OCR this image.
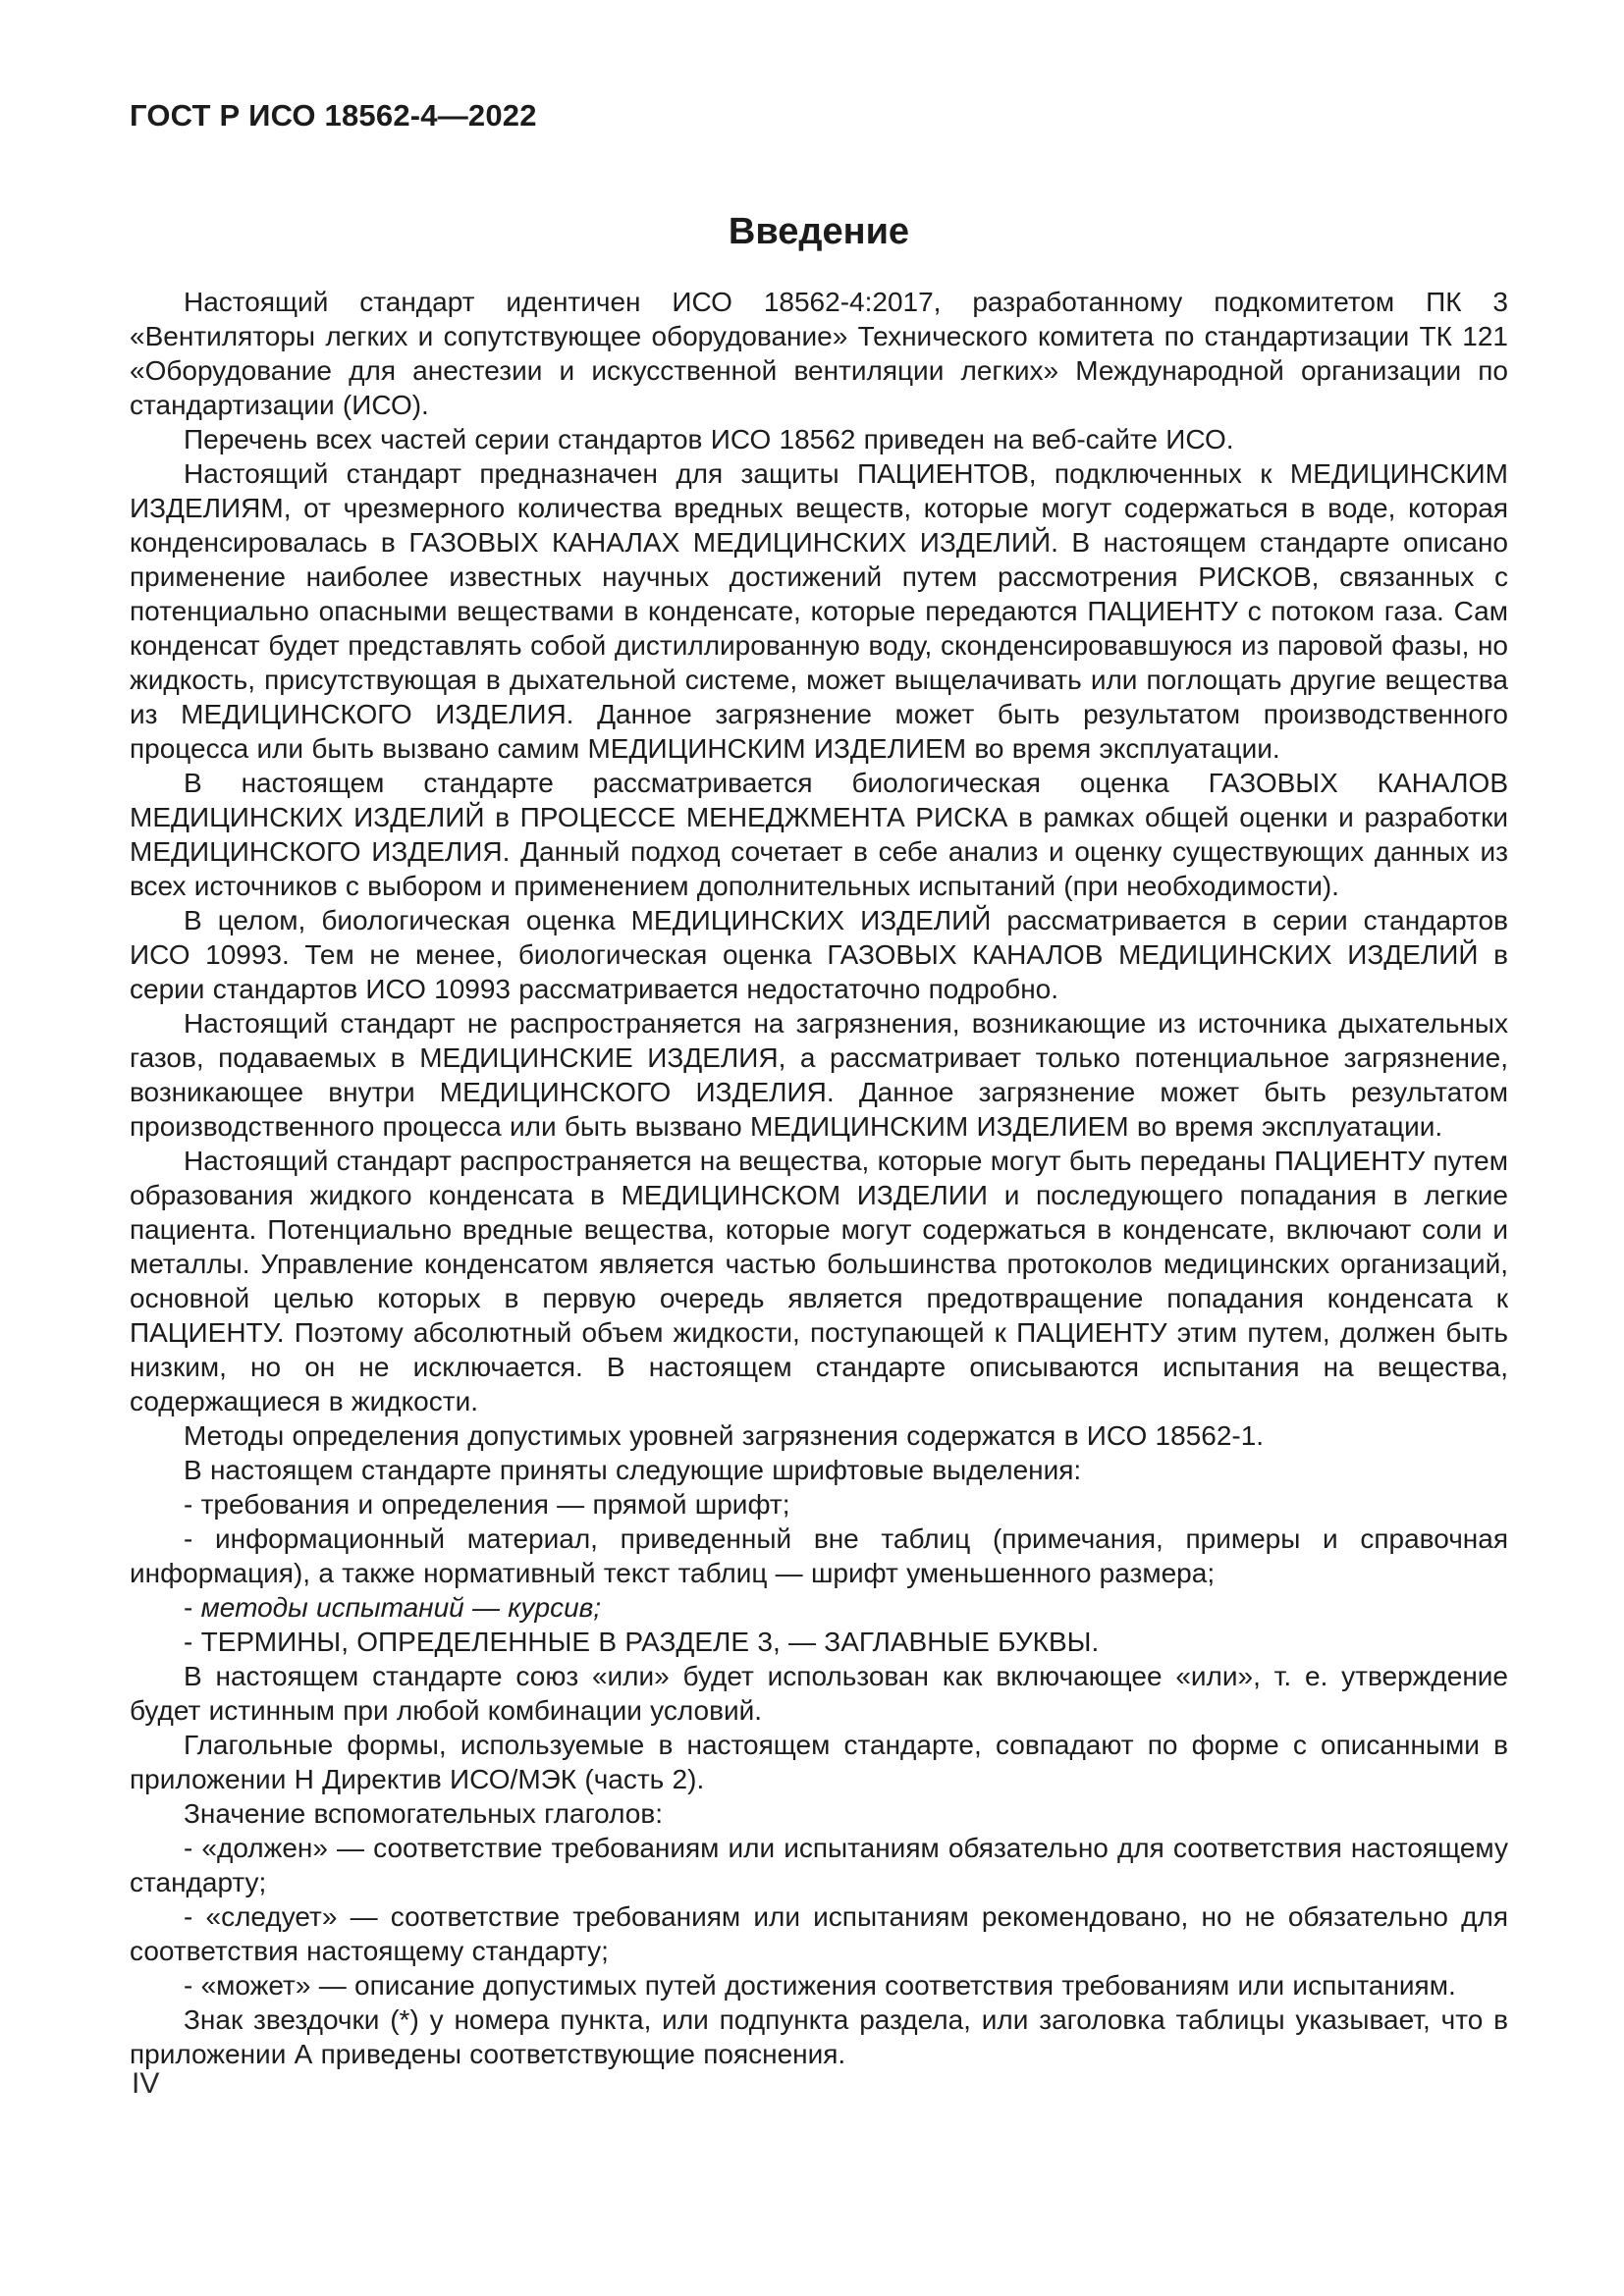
ГОСТ Р ИСО 18562-4—2022
Введение

Настоящий стандарт идентичен ИСО 18562-4:2017, разработанному подкомитетом ПК 3 «Вентиляторы легких и сопутствующее оборудование» Технического комитета по стандартизации ТК 121 «Оборудование для анестезии и искусственной вентиляции легких» Международной организации по стандартизации (ИСО).

Перечень всех частей серии стандартов ИСО 18562 приведен на веб-сайте ИСО.

Настоящий стандарт предназначен для защиты ПАЦИЕНТОВ, подключенных к МЕДИЦИНСКИМ ИЗДЕЛИЯМ, от чрезмерного количества вредных веществ, которые могут содержаться в воде, которая конденсировалась в ГАЗОВЫХ КАНАЛАХ МЕДИЦИНСКИХ ИЗДЕЛИЙ. В настоящем стандарте описано применение наиболее известных научных достижений путем рассмотрения РИСКОВ, связанных с потенциально опасными веществами в конденсате, которые передаются ПАЦИЕНТУ с потоком газа. Сам конденсат будет представлять собой дистиллированную воду, сконденсировавшуюся из паровой фазы, но жидкость, присутствующая в дыхательной системе, может выщелачивать или поглощать другие вещества из МЕДИЦИНСКОГО ИЗДЕЛИЯ. Данное загрязнение может быть результатом производственного процесса или быть вызвано самим МЕДИЦИНСКИМ ИЗДЕЛИЕМ во время эксплуатации.

В настоящем стандарте рассматривается биологическая оценка ГАЗОВЫХ КАНАЛОВ МЕДИЦИНСКИХ ИЗДЕЛИЙ в ПРОЦЕССЕ МЕНЕДЖМЕНТА РИСКА в рамках общей оценки и разработки МЕДИЦИНСКОГО ИЗДЕЛИЯ. Данный подход сочетает в себе анализ и оценку существующих данных из всех источников с выбором и применением дополнительных испытаний (при необходимости).

В целом, биологическая оценка МЕДИЦИНСКИХ ИЗДЕЛИЙ рассматривается в серии стандартов ИСО 10993. Тем не менее, биологическая оценка ГАЗОВЫХ КАНАЛОВ МЕДИЦИНСКИХ ИЗДЕЛИЙ в серии стандартов ИСО 10993 рассматривается недостаточно подробно.

Настоящий стандарт не распространяется на загрязнения, возникающие из источника дыхательных газов, подаваемых в МЕДИЦИНСКИЕ ИЗДЕЛИЯ, а рассматривает только потенциальное загрязнение, возникающее внутри МЕДИЦИНСКОГО ИЗДЕЛИЯ. Данное загрязнение может быть результатом производственного процесса или быть вызвано МЕДИЦИНСКИМ ИЗДЕЛИЕМ во время эксплуатации.

Настоящий стандарт распространяется на вещества, которые могут быть переданы ПАЦИЕНТУ путем образования жидкого конденсата в МЕДИЦИНСКОМ ИЗДЕЛИИ и последующего попадания в легкие пациента. Потенциально вредные вещества, которые могут содержаться в конденсате, включают соли и металлы. Управление конденсатом является частью большинства протоколов медицинских организаций, основной целью которых в первую очередь является предотвращение попадания конденсата к ПАЦИЕНТУ. Поэтому абсолютный объем жидкости, поступающей к ПАЦИЕНТУ этим путем, должен быть низким, но он не исключается. В настоящем стандарте описываются испытания на вещества, содержащиеся в жидкости.

Методы определения допустимых уровней загрязнения содержатся в ИСО 18562-1.

В настоящем стандарте приняты следующие шрифтовые выделения:

- требования и определения — прямой шрифт;

- информационный материал, приведенный вне таблиц (примечания, примеры и справочная информация), а также нормативный текст таблиц — шрифт уменьшенного размера;

- методы испытаний — курсив;

- ТЕРМИНЫ, ОПРЕДЕЛЕННЫЕ В РАЗДЕЛЕ 3, — ЗАГЛАВНЫЕ БУКВЫ.

В настоящем стандарте союз «или» будет использован как включающее «или», т. е. утверждение будет истинным при любой комбинации условий.

Глагольные формы, используемые в настоящем стандарте, совпадают по форме с описанными в приложении Н Директив ИСО/МЭК (часть 2).

Значение вспомогательных глаголов:

- «должен» — соответствие требованиям или испытаниям обязательно для соответствия настоящему стандарту;

- «следует» — соответствие требованиям или испытаниям рекомендовано, но не обязательно для соответствия настоящему стандарту;

- «может» — описание допустимых путей достижения соответствия требованиям или испытаниям.

Знак звездочки (*) у номера пункта, или подпункта раздела, или заголовка таблицы указывает, что в приложении А приведены соответствующие пояснения.

IV
